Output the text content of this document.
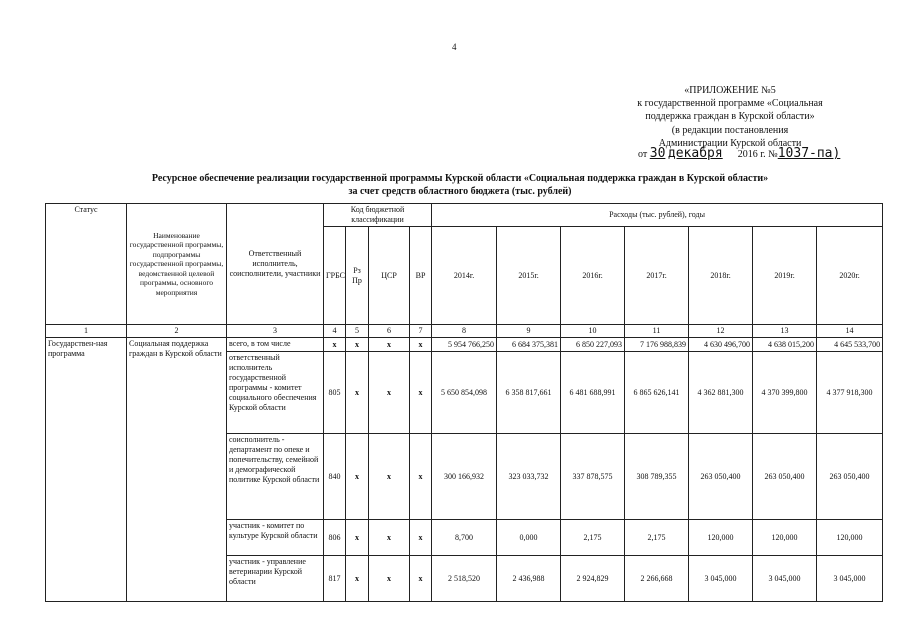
4
«ПРИЛОЖЕНИЕ №5
к государственной программе «Социальная
поддержка граждан в Курской области»
(в редакции постановления
Администрации Курской области
от 30 декабря 2016 г. №1037-па)
Ресурсное обеспечение реализации государственной программы Курской области «Социальная поддержка граждан в Курской области»
за счет средств областного бюджета (тыс. рублей)
Статус	Наименование государственной программы, подпрограммы государственной программы, ведомственной целевой программы, основного мероприятия	Ответственный исполнитель, соисполнители, участники	Код бюджетной классификации				Расходы (тыс. рублей), годы						
			ГРБС	Рз Пр	ЦСР	ВР	2014г.	2015г.	2016г.	2017г.	2018г.	2019г.	2020г.
1	2	3	4	5	6	7	8	9	10	11	12	13	14
Государствен-ная программа	Социальная поддержка граждан в Курской области	всего, в том числе	x	x	x	x	5 954 766,250	6 684 375,381	6 850 227,093	7 176 988,839	4 630 496,700	4 638 015,200	4 645 533,700
		ответственный исполнитель государственной программы - комитет социального обеспечения Курской области	805	x	x	x	5 650 854,098	6 358 817,661	6 481 688,991	6 865 626,141	4 362 881,300	4 370 399,800	4 377 918,300
		соисполнитель - департамент по опеке и попечительству, семейной и демографической политике Курской области	840	x	x	x	300 166,932	323 033,732	337 878,575	308 789,355	263 050,400	263 050,400	263 050,400
		участник - комитет по культуре Курской области	806	x	x	x	8,700	0,000	2,175	2,175	120,000	120,000	120,000
		участник - управление ветеринарии Курской области	817	x	x	x	2 518,520	2 436,988	2 924,829	2 266,668	3 045,000	3 045,000	3 045,000
